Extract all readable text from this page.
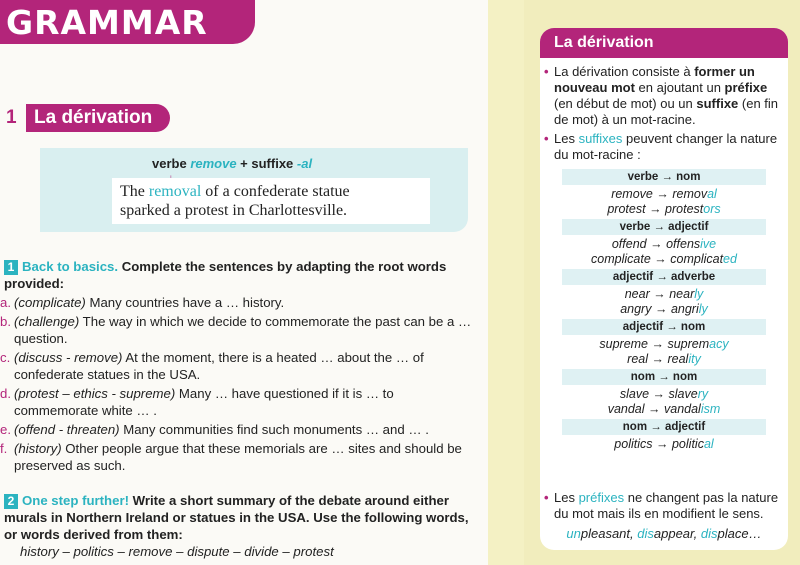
GRAMMAR
1 La dérivation
verbe remove + suffixe -al
The removal of a confederate statue
sparked a protest in Charlottesville.
1 Back to basics. Complete the sentences by adapting the root words provided:
a. (complicate) Many countries have a … history.
b. (challenge) The way in which we decide to commemorate the past can be a … question.
c. (discuss - remove) At the moment, there is a heated … about the … of confederate statues in the USA.
d. (protest – ethics - supreme) Many … have questioned if it is … to commemorate white … .
e. (offend - threaten) Many communities find such monuments … and … .
f. (history) Other people argue that these memorials are … sites and should be preserved as such.
2 One step further! Write a short summary of the debate around either murals in Northern Ireland or statues in the USA. Use the following words, or words derived from them:
history – politics – remove – dispute – divide – protest
La dérivation
• La dérivation consiste à former un nouveau mot en ajoutant un préfixe (en début de mot) ou un suffixe (en fin de mot) à un mot-racine.
• Les suffixes peuvent changer la nature du mot-racine :
verbe → nom
remove → removal
protest → protestors
verbe → adjectif
offend → offensive
complicate → complicated
adjectif → adverbe
near → nearly
angry → angrily
adjectif → nom
supreme → supremacy
real → reality
nom → nom
slave → slavery
vandal → vandalism
nom → adjectif
politics → political
• Les préfixes ne changent pas la nature du mot mais ils en modifient le sens.
unpleasant, disappear, displace…
